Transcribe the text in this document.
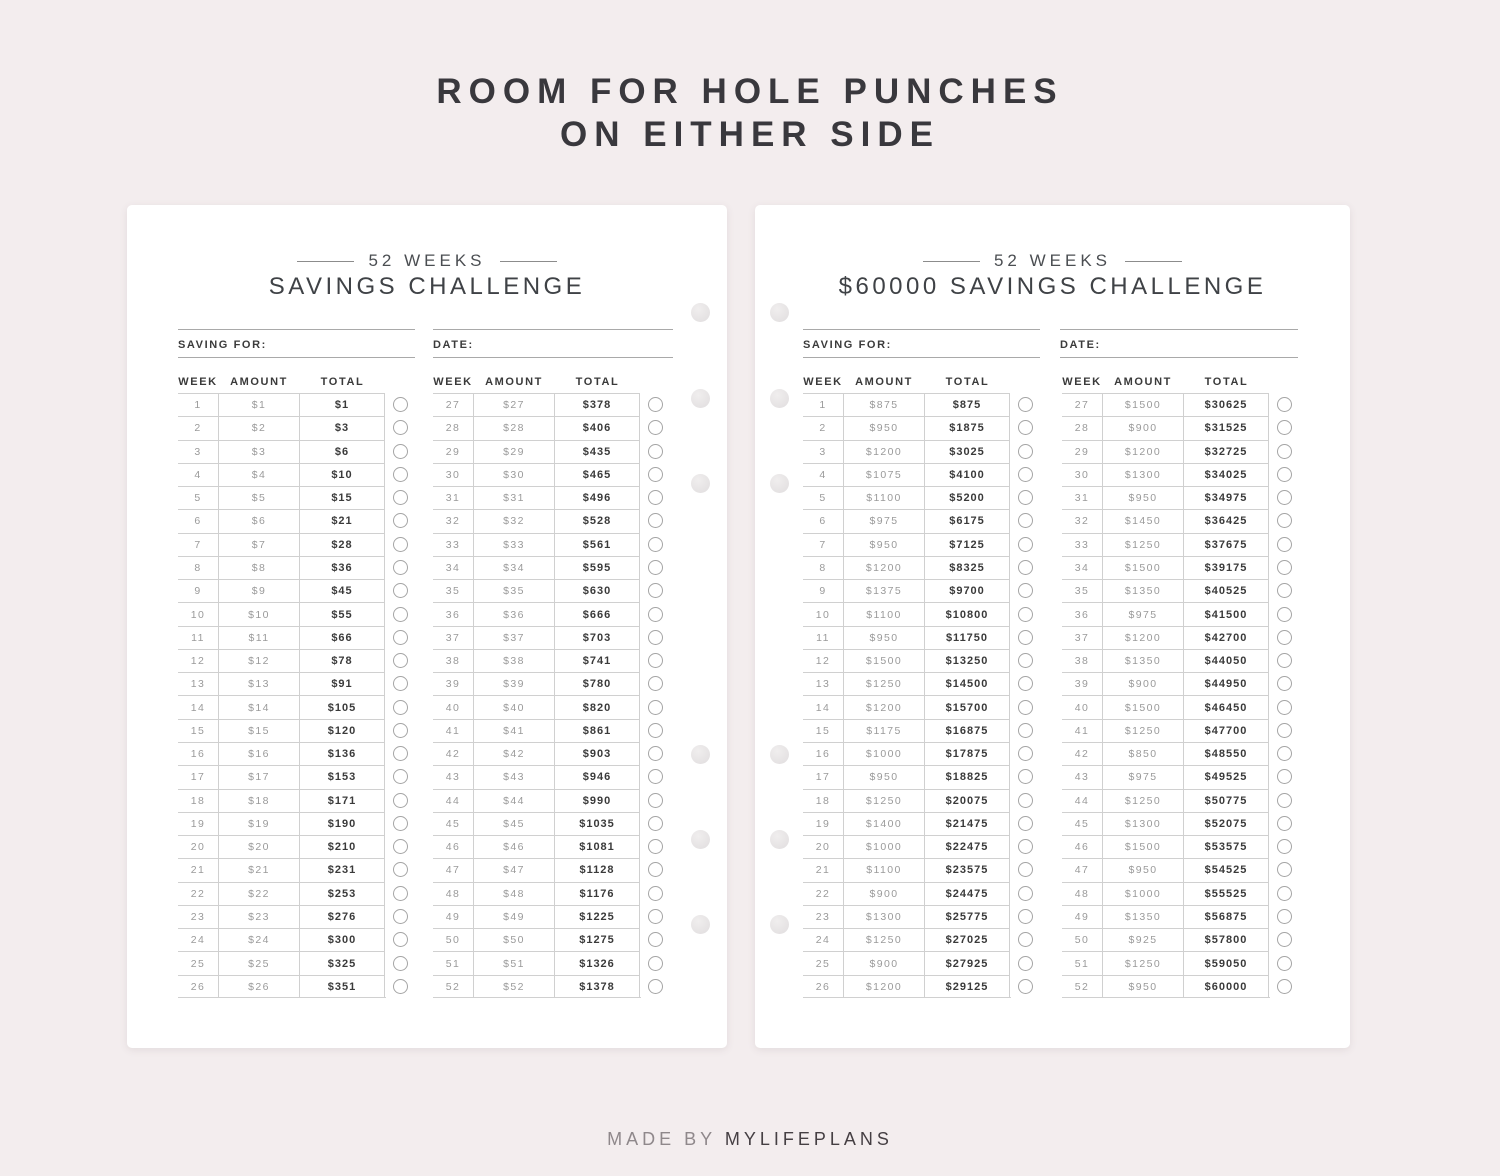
ROOM FOR HOLE PUNCHES
ON EITHER SIDE
52 WEEKS
SAVINGS CHALLENGE
SAVING FOR:	DATE:
WEEK	AMOUNT	TOTAL
1	$1	$1
2	$2	$3
3	$3	$6
4	$4	$10
5	$5	$15
6	$6	$21
7	$7	$28
8	$8	$36
9	$9	$45
10	$10	$55
11	$11	$66
12	$12	$78
13	$13	$91
14	$14	$105
15	$15	$120
16	$16	$136
17	$17	$153
18	$18	$171
19	$19	$190
20	$20	$210
21	$21	$231
22	$22	$253
23	$23	$276
24	$24	$300
25	$25	$325
26	$26	$351
WEEK	AMOUNT	TOTAL
27	$27	$378
28	$28	$406
29	$29	$435
30	$30	$465
31	$31	$496
32	$32	$528
33	$33	$561
34	$34	$595
35	$35	$630
36	$36	$666
37	$37	$703
38	$38	$741
39	$39	$780
40	$40	$820
41	$41	$861
42	$42	$903
43	$43	$946
44	$44	$990
45	$45	$1035
46	$46	$1081
47	$47	$1128
48	$48	$1176
49	$49	$1225
50	$50	$1275
51	$51	$1326
52	$52	$1378
52 WEEKS
$60000 SAVINGS CHALLENGE
SAVING FOR:	DATE:
WEEK	AMOUNT	TOTAL
1	$875	$875
2	$950	$1875
3	$1200	$3025
4	$1075	$4100
5	$1100	$5200
6	$975	$6175
7	$950	$7125
8	$1200	$8325
9	$1375	$9700
10	$1100	$10800
11	$950	$11750
12	$1500	$13250
13	$1250	$14500
14	$1200	$15700
15	$1175	$16875
16	$1000	$17875
17	$950	$18825
18	$1250	$20075
19	$1400	$21475
20	$1000	$22475
21	$1100	$23575
22	$900	$24475
23	$1300	$25775
24	$1250	$27025
25	$900	$27925
26	$1200	$29125
WEEK	AMOUNT	TOTAL
27	$1500	$30625
28	$900	$31525
29	$1200	$32725
30	$1300	$34025
31	$950	$34975
32	$1450	$36425
33	$1250	$37675
34	$1500	$39175
35	$1350	$40525
36	$975	$41500
37	$1200	$42700
38	$1350	$44050
39	$900	$44950
40	$1500	$46450
41	$1250	$47700
42	$850	$48550
43	$975	$49525
44	$1250	$50775
45	$1300	$52075
46	$1500	$53575
47	$950	$54525
48	$1000	$55525
49	$1350	$56875
50	$925	$57800
51	$1250	$59050
52	$950	$60000
MADE BY MYLIFEPLANS
